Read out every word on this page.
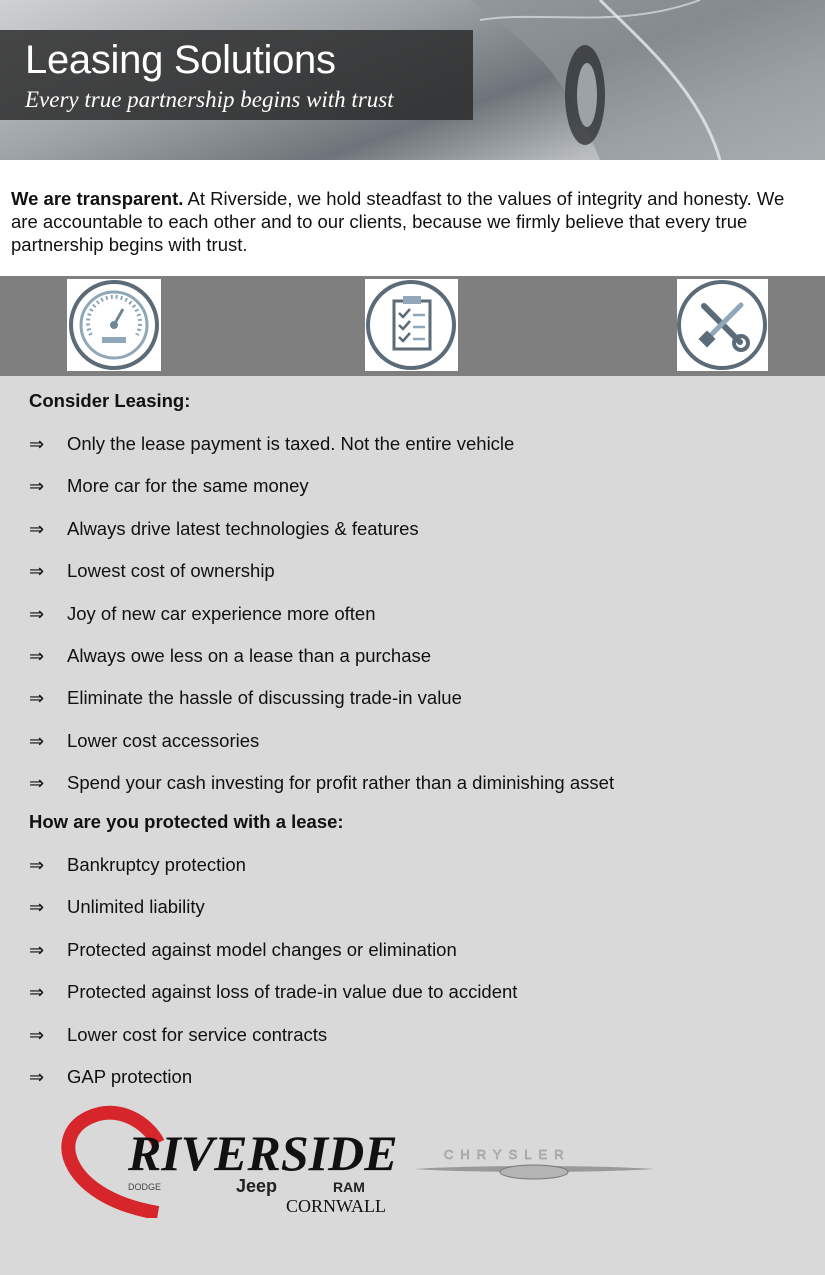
Leasing Solutions
Every true partnership begins with trust

We are transparent. At Riverside, we hold steadfast to the values of integrity and honesty. We are accountable to each other and to our clients, because we firmly believe that every true partnership begins with trust.

Consider Leasing:
⇒ Only the lease payment is taxed. Not the entire vehicle
⇒ More car for the same money
⇒ Always drive latest technologies & features
⇒ Lowest cost of ownership
⇒ Joy of new car experience more often
⇒ Always owe less on a lease than a purchase
⇒ Eliminate the hassle of discussing trade-in value
⇒ Lower cost accessories
⇒ Spend your cash investing for profit rather than a diminishing asset
How are you protected with a lease:
⇒ Bankruptcy protection
⇒ Unlimited liability
⇒ Protected against model changes or elimination
⇒ Protected against loss of trade-in value due to accident
⇒ Lower cost for service contracts
⇒ GAP protection
RIVERSIDE
DODGE	Jeep	RAM
CORNWALL
CHRYSLER
